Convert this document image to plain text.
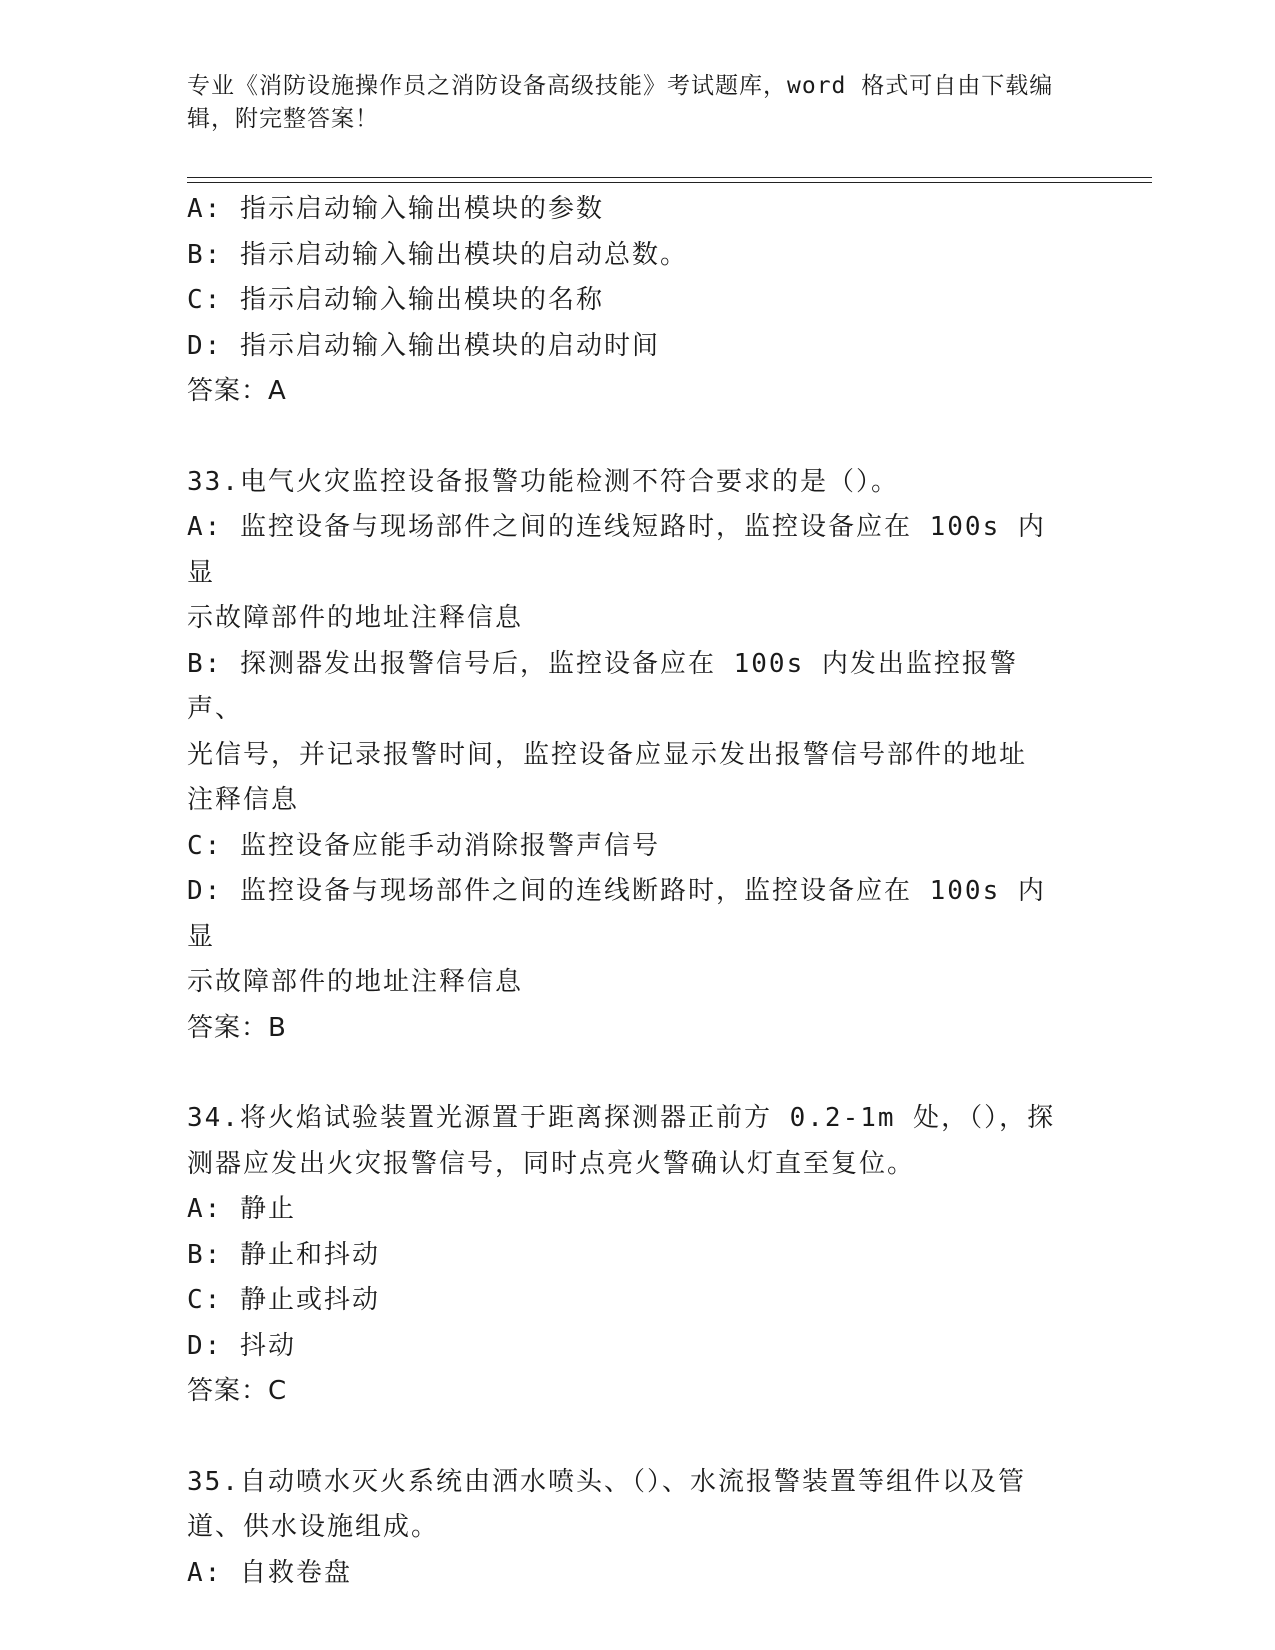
专业《消防设施操作员之消防设备高级技能》考试题库，word 格式可自由下载编
辑，附完整答案！
A: 指示启动输入输出模块的参数
B: 指示启动输入输出模块的启动总数。
C: 指示启动输入输出模块的名称
D: 指示启动输入输出模块的启动时间
答案：A
33.电气火灾监控设备报警功能检测不符合要求的是（）。
A: 监控设备与现场部件之间的连线短路时，监控设备应在 100s 内显
示故障部件的地址注释信息
B: 探测器发出报警信号后，监控设备应在 100s 内发出监控报警声、
光信号，并记录报警时间，监控设备应显示发出报警信号部件的地址
注释信息
C: 监控设备应能手动消除报警声信号
D: 监控设备与现场部件之间的连线断路时，监控设备应在 100s 内显
示故障部件的地址注释信息
答案：B
34.将火焰试验装置光源置于距离探测器正前方 0.2-1m 处，（），探
测器应发出火灾报警信号，同时点亮火警确认灯直至复位。
A: 静止
B: 静止和抖动
C: 静止或抖动
D: 抖动
答案：C
35.自动喷水灭火系统由洒水喷头、（）、水流报警装置等组件以及管
道、供水设施组成。
A: 自救卷盘
